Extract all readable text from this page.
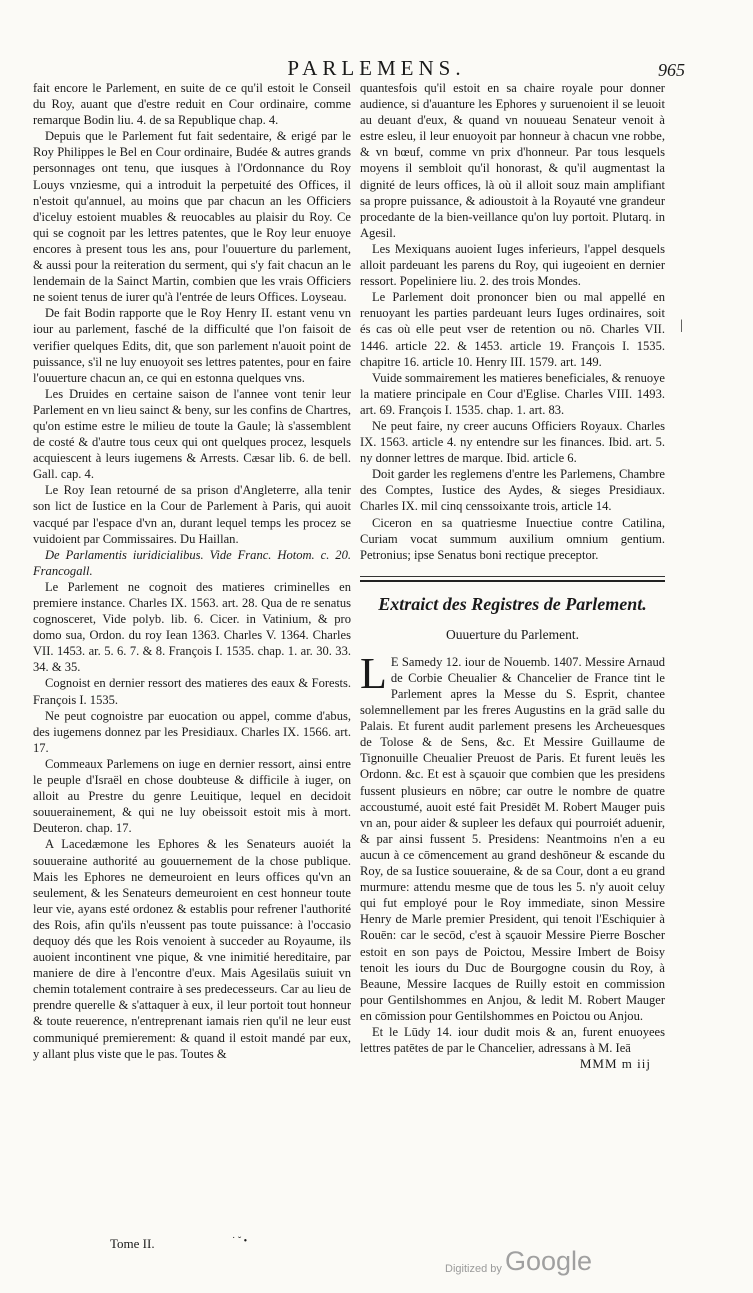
PARLEMENS.	965

fait encore le Parlement, en suite de ce qu'il estoit le Conseil du Roy, auant que d'estre reduit en Cour ordinaire, comme remarque Bodin liu. 4. de sa Republique chap. 4.

Depuis que le Parlement fut fait sedentaire, & erigé par le Roy Philippes le Bel en Cour ordinaire, Budée & autres grands personnages ont tenu, que iusques à l'Ordonnance du Roy Louys vnziesme, qui a introduit la perpetuité des Offices, il n'estoit qu'annuel, au moins que par chacun an les Officiers d'iceluy estoient muables & reuocables au plaisir du Roy. Ce qui se cognoit par les lettres patentes, que le Roy leur enuoye encores à present tous les ans, pour l'ouuerture du parlement, & aussi pour la reiteration du serment, qui s'y fait chacun an le lendemain de la Sainct Martin, combien que les vrais Officiers ne soient tenus de iurer qu'à l'entrée de leurs Offices. Loyseau.

De fait Bodin rapporte que le Roy Henry II. estant venu vn iour au parlement, fasché de la difficulté que l'on faisoit de verifier quelques Edits, dit, que son parlement n'auoit point de puissance, s'il ne luy enuoyoit ses lettres patentes, pour en faire l'ouuerture chacun an, ce qui en estonna quelques vns.

Les Druides en certaine saison de l'annee vont tenir leur Parlement en vn lieu sainct & beny, sur les confins de Chartres, qu'on estime estre le milieu de toute la Gaule; là s'assemblent de costé & d'autre tous ceux qui ont quelques procez, lesquels acquiescent à leurs iugemens & Arrests. Cæsar lib. 6. de bell. Gall. cap. 4.

Le Roy Iean retourné de sa prison d'Angleterre, alla tenir son lict de Iustice en la Cour de Parlement à Paris, qui auoit vacqué par l'espace d'vn an, durant lequel temps les procez se vuidoient par Commissaires. Du Haillan.

De Parlamentis iuridicialibus. Vide Franc. Hotom. c. 20. Francogall.

Le Parlement ne cognoit des matieres criminelles en premiere instance. Charles IX. 1563. art. 28. Qua de re senatus cognosceret, Vide polyb. lib. 6. Cicer. in Vatinium, & pro domo sua, Ordon. du roy Iean 1363. Charles V. 1364. Charles VII. 1453. ar. 5. 6. 7. & 8. François I. 1535. chap. 1. ar. 30. 33. 34. & 35.

Cognoist en dernier ressort des matieres des eaux & Forests. François I. 1535.

Ne peut cognoistre par euocation ou appel, comme d'abus, des iugemens donnez par les Presidiaux. Charles IX. 1566. art. 17.

Commeaux Parlemens on iuge en dernier ressort, ainsi entre le peuple d'Israël en chose doubteuse & difficile à iuger, on alloit au Prestre du genre Leuitique, lequel en decidoit souuerainement, & qui ne luy obeissoit estoit mis à mort. Deuteron. chap. 17.

A Lacedæmone les Ephores & les Senateurs auoiét la souueraine authorité au gouuernement de la chose publique. Mais les Ephores ne demeuroient en leurs offices qu'vn an seulement, & les Senateurs demeuroient en cest honneur toute leur vie, ayans esté ordonez & establis pour refrener l'authorité des Rois, afin qu'ils n'eussent pas toute puissance: à l'occasio dequoy dés que les Rois venoient à succeder au Royaume, ils auoient incontinent vne pique, & vne inimitié hereditaire, par maniere de dire à l'encontre d'eux. Mais Agesilaüs suiuit vn chemin totalement contraire à ses predecesseurs. Car au lieu de prendre querelle & s'attaquer à eux, il leur portoit tout honneur & toute reuerence, n'entreprenant iamais rien qu'il ne leur eust communiqué premierement: & quand il estoit mandé par eux, y allant plus viste que le pas. Toutes &

quantesfois qu'il estoit en sa chaire royale pour donner audience, si d'auanture les Ephores y suruenoient il se leuoit au deuant d'eux, & quand vn nouueau Senateur venoit à estre esleu, il leur enuoyoit par honneur à chacun vne robbe, & vn bœuf, comme vn prix d'honneur. Par tous lesquels moyens il sembloit qu'il honorast, & qu'il augmentast la dignité de leurs offices, là où il alloit souz main amplifiant sa propre puissance, & adioustoit à la Royauté vne grandeur procedante de la bien-veillance qu'on luy portoit. Plutarq. in Agesil.

Les Mexiquans auoient Iuges inferieurs, l'appel desquels alloit pardeuant les parens du Roy, qui iugeoient en dernier ressort. Popeliniere liu. 2. des trois Mondes.

Le Parlement doit prononcer bien ou mal appellé en renuoyant les parties pardeuant leurs Iuges ordinaires, soit és cas où elle peut vser de retention ou nō. Charles VII. 1446. article 22. & 1453. article 19. François I. 1535. chapitre 16. article 10. Henry III. 1579. art. 149.

Vuide sommairement les matieres beneficiales, & renuoye la matiere principale en Cour d'Eglise. Charles VIII. 1493. art. 69. François I. 1535. chap. 1. art. 83.

Ne peut faire, ny creer aucuns Officiers Royaux. Charles IX. 1563. article 4. ny entendre sur les finances. Ibid. art. 5. ny donner lettres de marque. Ibid. article 6.

Doit garder les reglemens d'entre les Parlemens, Chambre des Comptes, Iustice des Aydes, & sieges Presidiaux. Charles IX. mil cinq censsoixante trois, article 14.

Ciceron en sa quatriesme Inuectiue contre Catilina, Curiam vocat summum auxilium omnium gentium. Petronius; ipse Senatus boni rectique preceptor.

Extraict des Registres de Parlement.
Ouuerture du Parlement.

L E Samedy 12. iour de Nouemb. 1407. Messire Arnaud de Corbie Cheualier & Chancelier de France tint le Parlement apres la Messe du S. Esprit, chantee solemnellement par les freres Augustins en la grād salle du Palais. Et furent audit parlement presens les Archeuesques de Tolose & de Sens, &c. Et Messire Guillaume de Tignonuille Cheualier Preuost de Paris. Et furent leuës les Ordonn. &c. Et est à sçauoir que combien que les presidens fussent plusieurs en nōbre; car outre le nombre de quatre accoustumé, auoit esté fait Presidēt M. Robert Mauger puis vn an, pour aider & supleer les defaux qui pourroiét aduenir, & par ainsi fussent 5. Presidens: Neantmoins n'en a eu aucun à ce cōmencement au grand deshōneur & escande du Roy, de sa Iustice souueraine, & de sa Cour, dont a eu grand murmure: attendu mesme que de tous les 5. n'y auoit celuy qui fut employé pour le Roy immediate, sinon Messire Henry de Marle premier President, qui tenoit l'Eschiquier à Rouēn: car le secōd, c'est à sçauoir Messire Pierre Boscher estoit en son pays de Poictou, Messire Imbert de Boisy tenoit les iours du Duc de Bourgogne cousin du Roy, à Beaune, Messire Iacques de Ruilly estoit en commission pour Gentilshommes en Anjou, & ledit M. Robert Mauger en cōmission pour Gentilshommes en Poictou ou Anjou.

Et le Lūdy 14. iour dudit mois & an, furent enuoyees lettres patētes de par le Chancelier, adressans à M. Ieā

MMM m iij
Tome II.	˙ ˇ •
|
Digitized by Google
